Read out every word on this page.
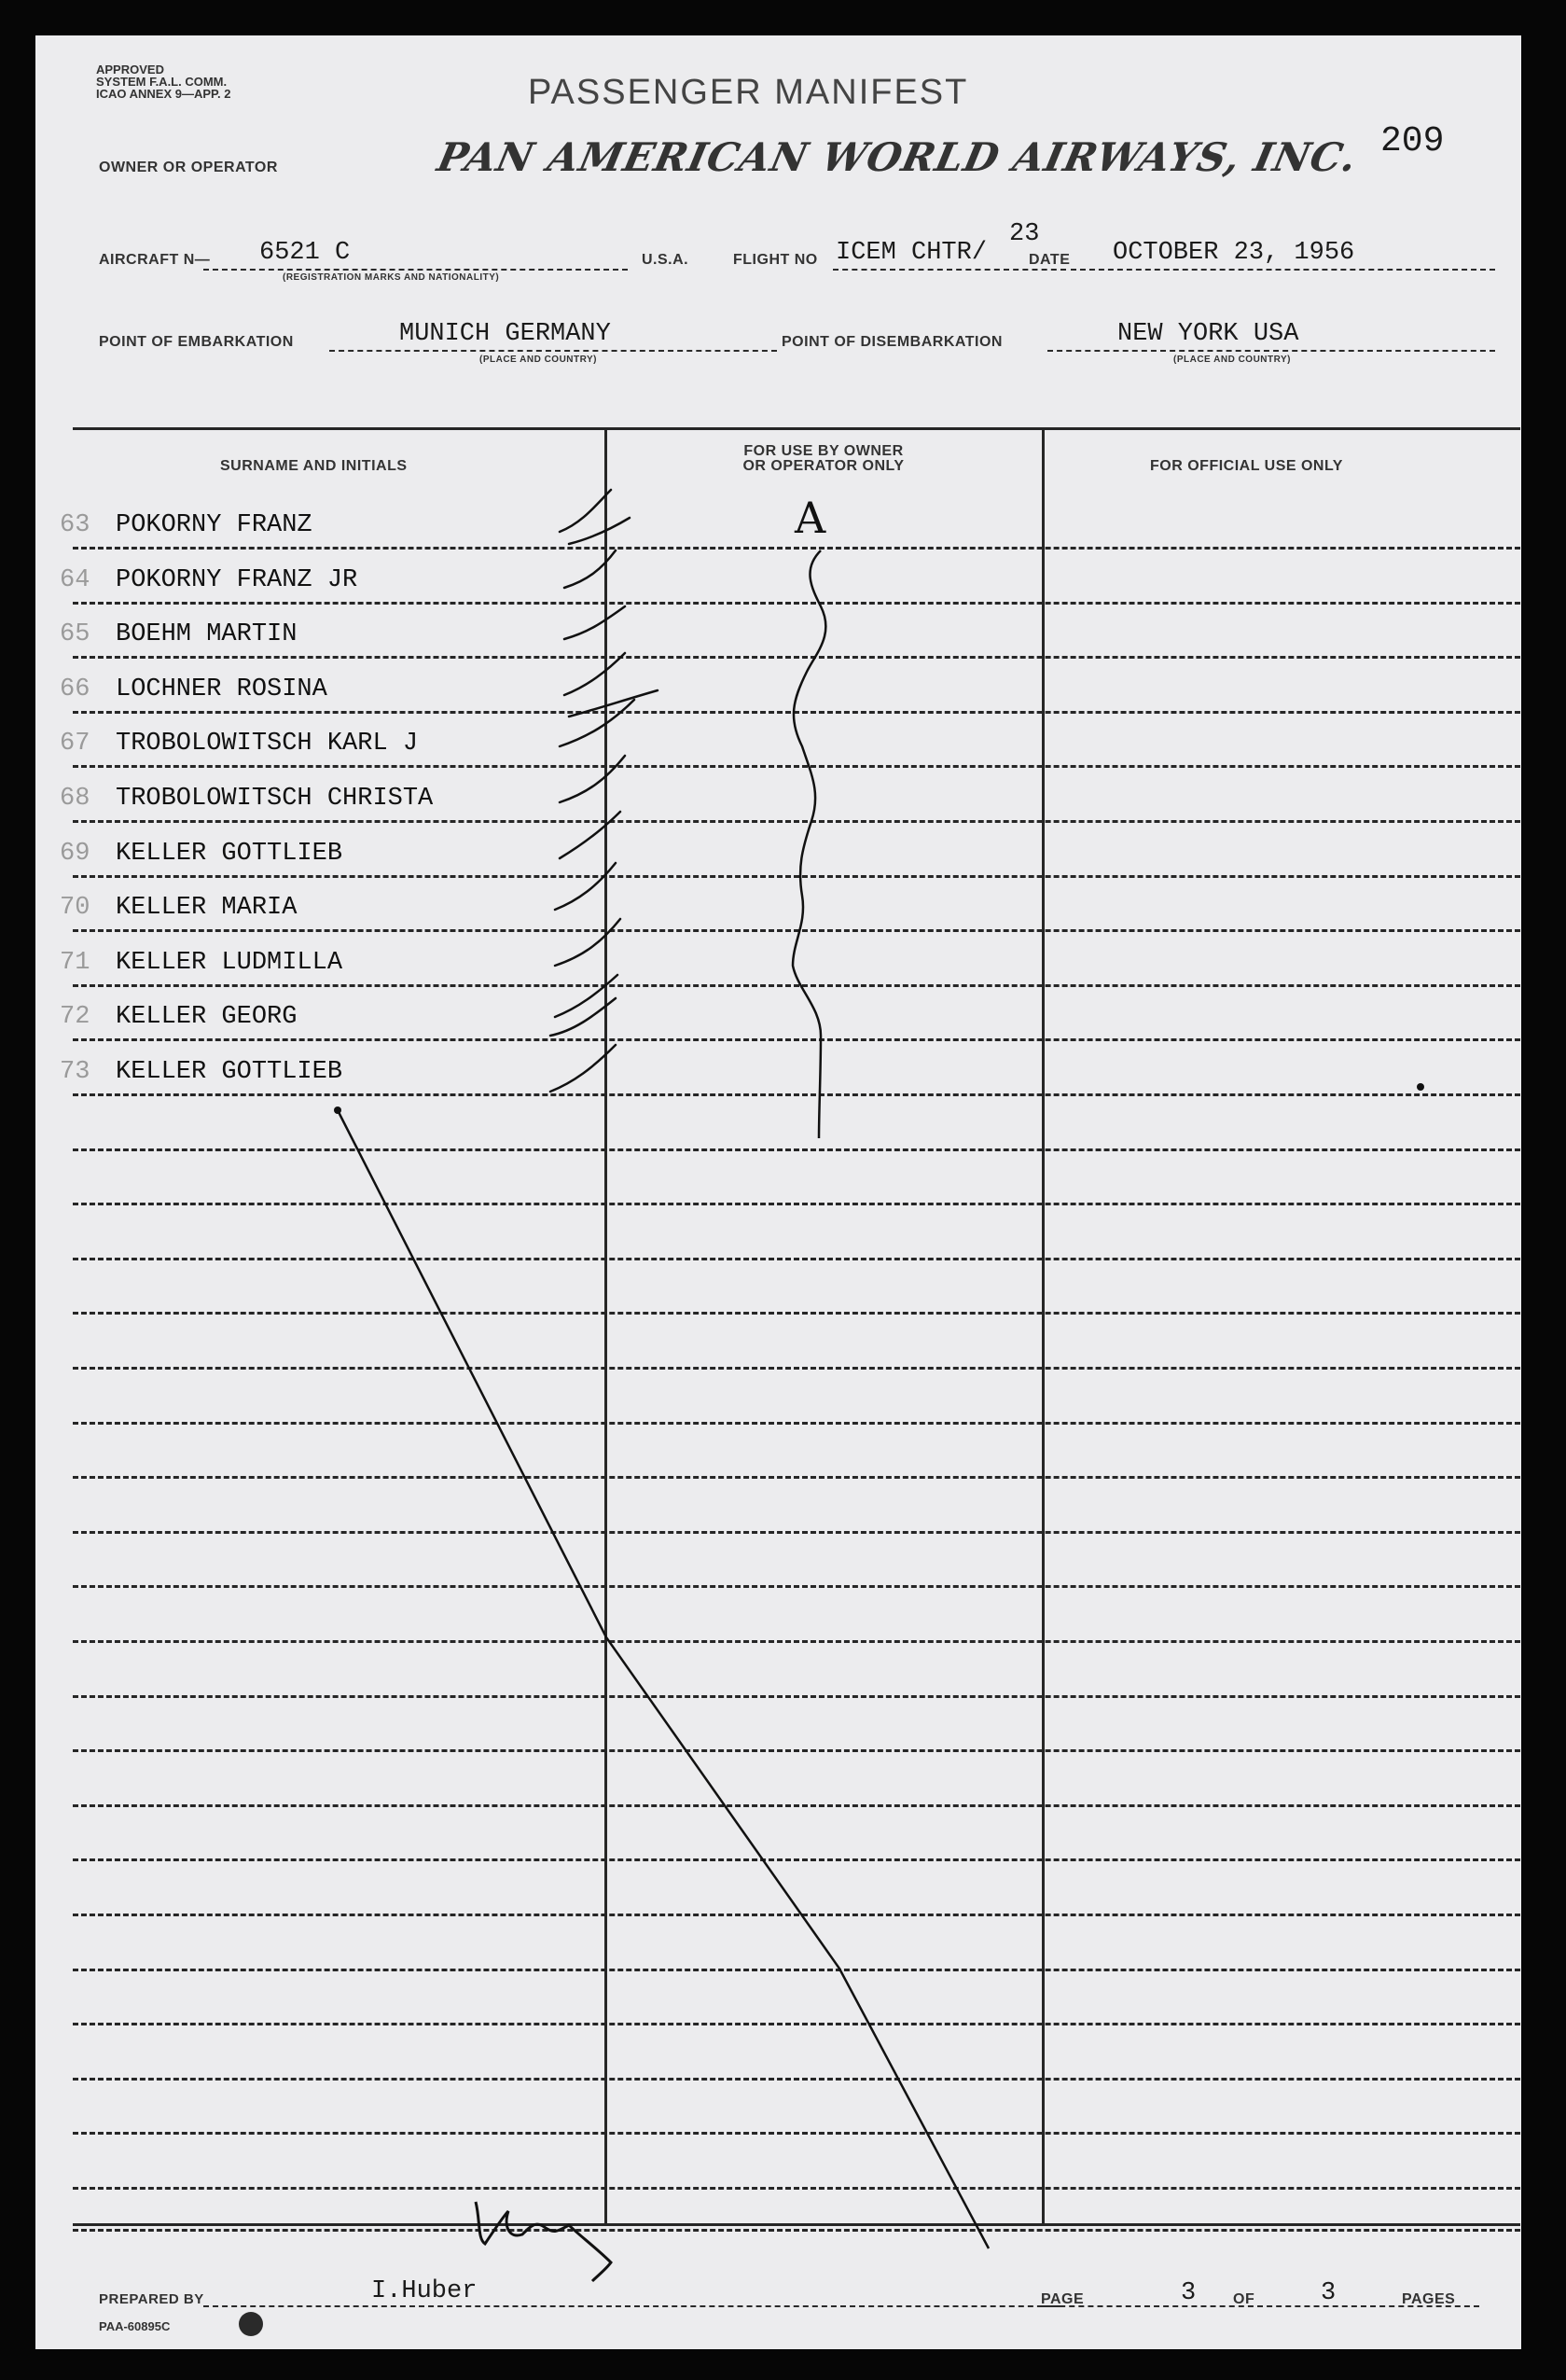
APPROVED
SYSTEM F.A.L. COMM.
ICAO ANNEX 9—APP. 2	PASSENGER MANIFEST
209
OWNER OR OPERATOR	PAN AMERICAN WORLD AIRWAYS, INC.
AIRCRAFT N— 6521 C
(REGISTRATION MARKS AND NATIONALITY)
U.S.A.	FLIGHT NO ICEM CHTR/
23
DATE OCTOBER 23, 1956
POINT OF EMBARKATION	MUNICH GERMANY
(PLACE AND COUNTRY)
POINT OF DISEMBARKATION	NEW YORK USA
(PLACE AND COUNTRY)
SURNAME AND INITIALS
FOR USE BY OWNER
OR OPERATOR ONLY	FOR OFFICIAL USE ONLY
63 POKORNY FRANZ
64 POKORNY FRANZ JR
65 BOEHM MARTIN
66 LOCHNER ROSINA
67 TROBOLOWITSCH KARL J
68 TROBOLOWITSCH CHRISTA
69 KELLER GOTTLIEB
70 KELLER MARIA
71 KELLER LUDMILLA
72 KELLER GEORG
73 KELLER GOTTLIEB
A
PREPARED BY	I.Huber
PAA-60895C
PAGE	3 OF	3	PAGES
